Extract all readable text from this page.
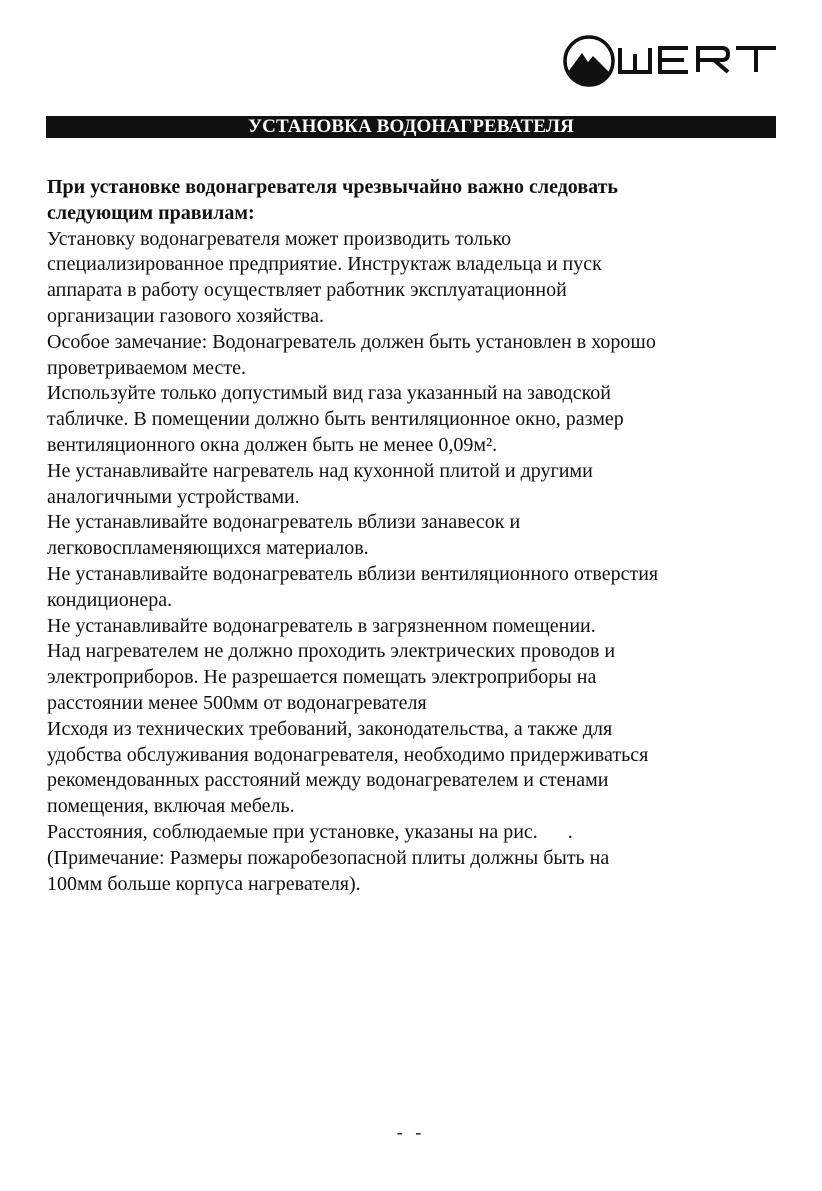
УСТАНОВКА ВОДОНАГРЕВАТЕЛЯ

При установке водонагревателя чрезвычайно важно следовать

следующим правилам:

Установку водонагревателя может производить только

специализированное предприятие. Инструктаж владельца и пуск

аппарата в работу осуществляет работник эксплуатационной

организации газового хозяйства.

Особое замечание: Водонагреватель должен быть установлен в хорошо

проветриваемом месте.

Используйте только допустимый вид газа указанный на заводской

табличке. В помещении должно быть вентиляционное окно, размер

вентиляционного окна должен быть не менее 0,09м².

Не устанавливайте нагреватель над кухонной плитой и другими

аналогичными устройствами.

Не устанавливайте водонагреватель вблизи занавесок и

легковоспламеняющихся материалов.

Не устанавливайте водонагреватель вблизи вентиляционного отверстия

кондиционера.

Не устанавливайте водонагреватель в загрязненном помещении.

Над нагревателем не должно проходить электрических проводов и

электроприборов. Не разрешается помещать электроприборы на

расстоянии менее 500мм от водонагревателя

Исходя из технических требований, законодательства, а также для

удобства обслуживания водонагревателя, необходимо придерживаться

рекомендованных расстояний между водонагревателем и стенами

помещения, включая мебель.

Расстояния, соблюдаемые при установке, указаны на рис.      .

(Примечание: Размеры пожаробезопасной плиты должны быть на

100мм больше корпуса нагревателя).

- -
